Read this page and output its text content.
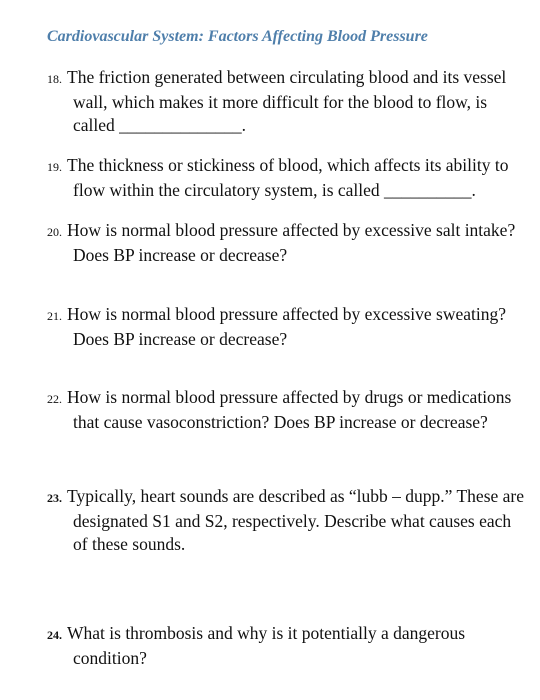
Cardiovascular System: Factors Affecting Blood Pressure
18. The friction generated between circulating blood and its vessel wall, which makes it more difficult for the blood to flow, is called ______________.
19. The thickness or stickiness of blood, which affects its ability to flow within the circulatory system, is called __________.
20. How is normal blood pressure affected by excessive salt intake? Does BP increase or decrease?
21. How is normal blood pressure affected by excessive sweating? Does BP increase or decrease?
22. How is normal blood pressure affected by drugs or medications that cause vasoconstriction? Does BP increase or decrease?
23. Typically, heart sounds are described as “lubb – dupp.” These are designated S1 and S2, respectively. Describe what causes each of these sounds.
24. What is thrombosis and why is it potentially a dangerous condition?
